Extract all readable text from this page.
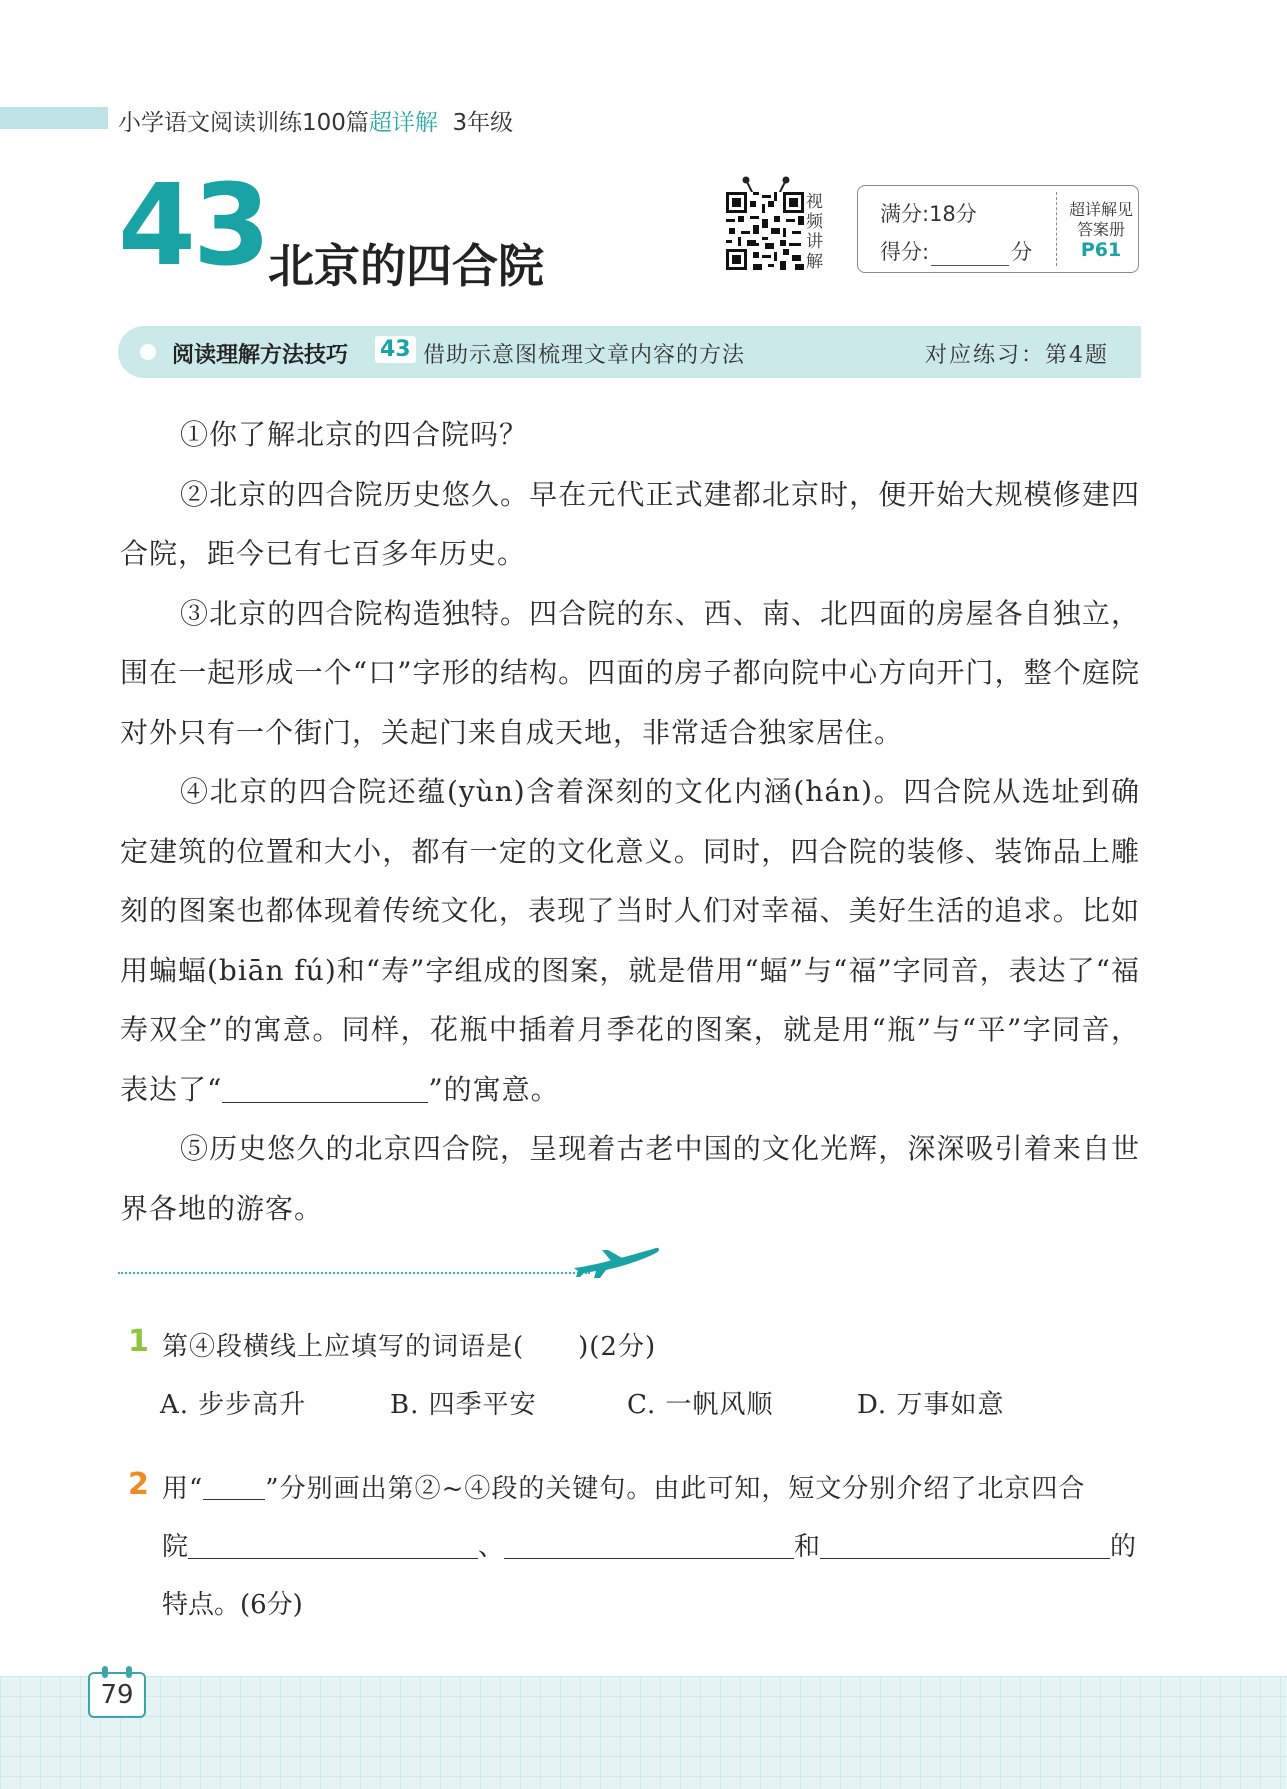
小学语文阅读训练100篇超详解 3年级
43 北京的四合院
视频讲解
满分:18分
得分:	分
超详解见
答案册
P61
阅读理解方法技巧 43 借助示意图梳理文章内容的方法	对应练习：第4题

①你了解北京的四合院吗？

②北京的四合院历史悠久。早在元代正式建都北京时，便开始大规模修建四合院，距今已有七百多年历史。

③北京的四合院构造独特。四合院的东、西、南、北四面的房屋各自独立，围在一起形成一个“口”字形的结构。四面的房子都向院中心方向开门，整个庭院对外只有一个街门，关起门来自成天地，非常适合独家居住。

④北京的四合院还蕴(yùn)含着深刻的文化内涵(hán)。四合院从选址到确定建筑的位置和大小，都有一定的文化意义。同时，四合院的装修、装饰品上雕刻的图案也都体现着传统文化，表现了当时人们对幸福、美好生活的追求。比如用蝙蝠(biān fú)和“寿”字组成的图案，就是借用“蝠”与“福”字同音，表达了“福寿双全”的寓意。同样，花瓶中插着月季花的图案，就是用“瓶”与“平”字同音，表达了“	”的寓意。

⑤历史悠久的北京四合院，呈现着古老中国的文化光辉，深深吸引着来自世界各地的游客。

1 第④段横线上应填写的词语是(　　)(2分)
A. 步步高升	B. 四季平安	C. 一帆风顺	D. 万事如意
2 用“ ”分别画出第②~④段的关键句。由此可知，短文分别介绍了北京四合
院	、	和	的
特点。(6分)
79
